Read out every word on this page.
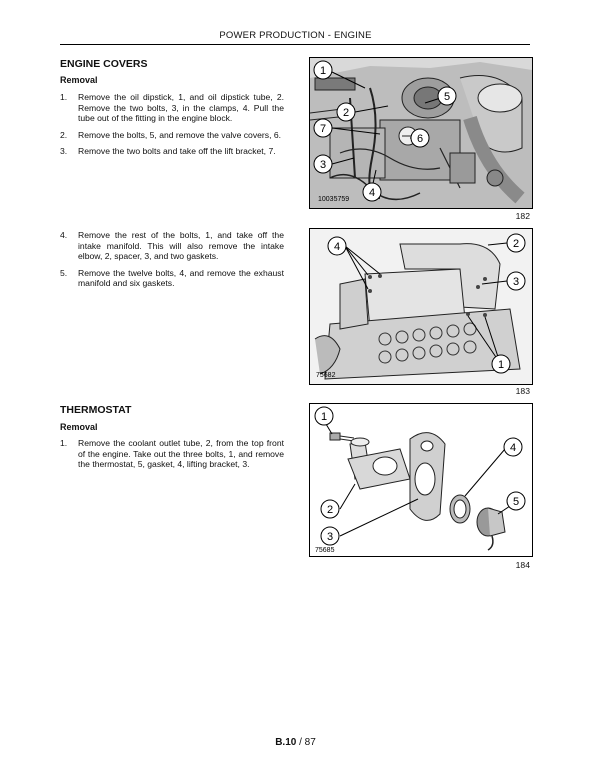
POWER PRODUCTION - ENGINE
ENGINE COVERS
Removal
1. Remove the oil dipstick, 1, and oil dipstick tube, 2. Remove the two bolts, 3, in the clamps, 4. Pull the tube out of the fitting in the engine block.
2. Remove the bolts, 5, and remove the valve covers, 6.
3. Remove the two bolts and take off the lift bracket, 7.
1
2
3
4
5
6
7
10035759
182
4. Remove the rest of the bolts, 1, and take off the intake manifold. This will also remove the intake elbow, 2, spacer, 3, and two gaskets.
5. Remove the twelve bolts, 4, and remove the exhaust manifold and six gaskets.
4	2
3
1
75682
183
THERMOSTAT
Removal
1. Remove the coolant outlet tube, 2, from the top front of the engine. Take out the three bolts, 1, and remove the thermostat, 5, gasket, 4, lifting bracket, 3.
1
4
5
2
3
75685
184
B.10 / 87
